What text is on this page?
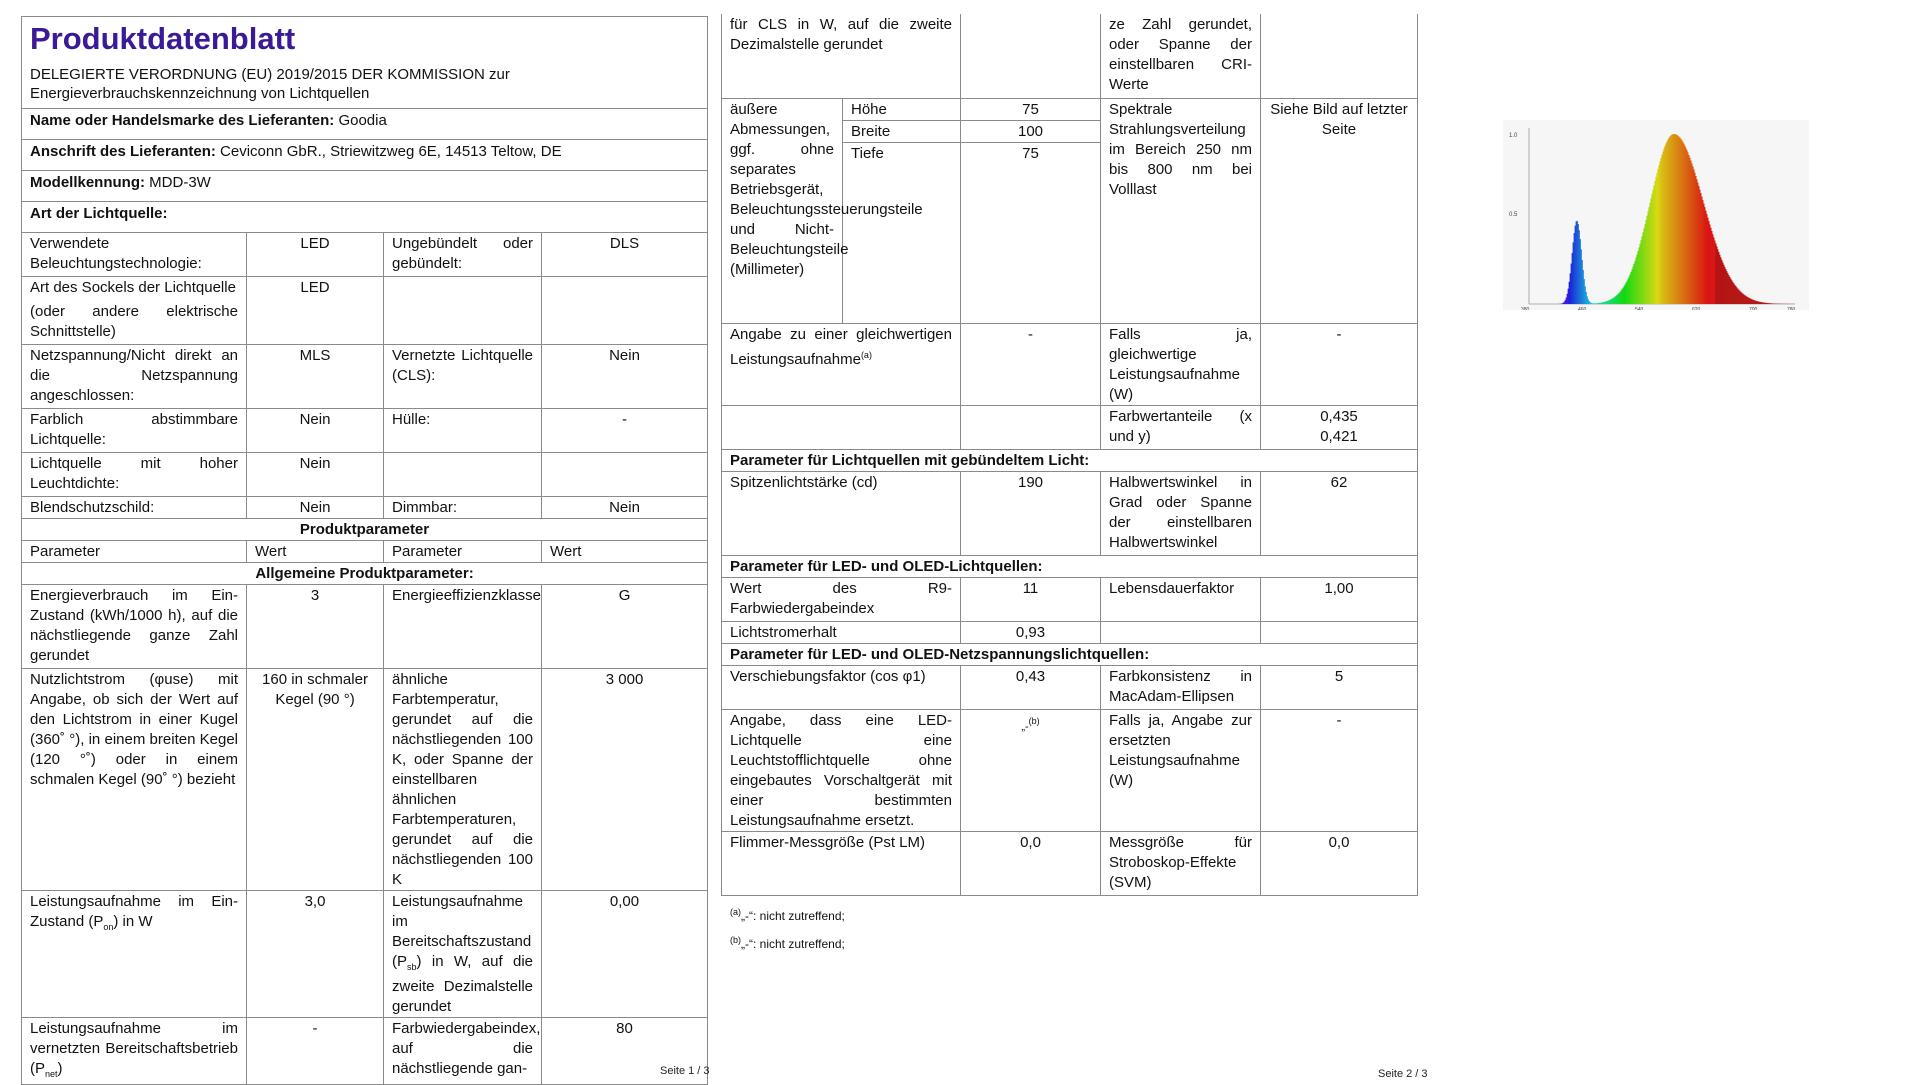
Produktdatenblatt
DELEGIERTE VERORDNUNG (EU) 2019/2015 DER KOMMISSION zur Energieverbrauchskennzeichnung von Lichtquellen			

Name oder Handelsmarke des Lieferanten: Goodia			
Anschrift des Lieferanten: Ceviconn GbR., Striewitzweg 6E, 14513 Teltow, DE			
Modellkennung: MDD-3W			
Art der Lichtquelle:			
Verwendete Beleuchtungstechnologie:	LED	Ungebündelt oder gebündelt:	DLS

Art des Sockels der Lichtquelle
(oder andere elektrische Schnittstelle)	LED		
Netzspannung/Nicht direkt an die Netzspannung angeschlossen:	MLS	Vernetzte Lichtquelle (CLS):	Nein
Farblich abstimmbare Lichtquelle:	Nein	Hülle:	-
Lichtquelle mit hoher Leuchtdichte:	Nein		
Blendschutzschild:	Nein	Dimmbar:	Nein
Produktparameter			
Parameter	Wert	Parameter	Wert
Allgemeine Produktparameter:			
Energieverbrauch im Ein-Zustand (kWh/1000 h), auf die nächstliegende ganze Zahl gerundet	3	Energieeffizienzklasse	G
Nutzlichtstrom (φuse) mit Angabe, ob sich der Wert auf den Lichtstrom in einer Kugel (360˚ °), in einem breiten Kegel (120 °˚) oder in einem schmalen Kegel (90˚ °) bezieht	160 in schmaler Kegel (90 °)	ähnliche Farbtemperatur, gerundet auf die nächstliegenden 100 K, oder Spanne der einstellbaren ähnlichen Farbtemperaturen, gerundet auf die nächstliegenden 100 K	3 000
Leistungsaufnahme im Ein-Zustand $(P_{on})$ in W	3,0	Leistungsaufnahme im Bereitschaftszustand $(P_{sb})$ in W, auf die zweite Dezimalstelle gerundet	0,00
Leistungsaufnahme im vernetzten Bereitschaftsbetrieb $(P_{net})$	-	Farbwiedergabeindex, auf die nächstliegende gan-	80
Seite 1 / 3
für CLS in W, auf die zweite Dezimalstelle gerundet			ze Zahl gerundet, oder Spanne der einstellbaren CRI-Werte	
äußere Abmessungen, ggf. ohne separates Betriebsgerät, Beleuchtungssteuerungsteile und Nicht-Beleuchtungsteile (Millimeter)	Höhe	75	Spektrale Strahlungsverteilung im Bereich 250 nm bis 800 nm bei Volllast	Siehe Bild auf letzter Seite
	Breite	100		
	Tiefe	75		
Angabe zu einer gleichwertigen Leistungsaufnahme$^{(a)}$		-	Falls ja, gleichwertige Leistungsaufnahme (W)	-
			Farbwertanteile (x und y)	0,435
0,421

Parameter für Lichtquellen mit gebündeltem Licht:				
Spitzenlichtstärke (cd)		190	Halbwertswinkel in Grad oder Spanne der einstellbaren Halbwertswinkel	62
Parameter für LED- und OLED-Lichtquellen:				
Wert des R9-Farbwiedergabeindex		11	Lebensdauerfaktor	1,00
Lichtstromerhalt		0,93		
Parameter für LED- und OLED-Netzspannungslichtquellen:				
Verschiebungsfaktor (cos φ1)		0,43	Farbkonsistenz in MacAdam-Ellipsen	5
Angabe, dass eine LED-Lichtquelle eine Leuchtstofflichtquelle ohne eingebautes Vorschaltgerät mit einer bestimmten Leistungsaufnahme ersetzt.		„-$^{(b)}$	Falls ja, Angabe zur ersetzten Leistungsaufnahme (W)	-
Flimmer-Messgröße (Pst LM)		0,0	Messgröße für Stroboskop-Effekte (SVM)	0,0
$^{(a)}$„-“: nicht zutreffend;
$^{(b)}$„-“: nicht zutreffend;
Seite 2 / 3
1.0
0.5
380	460	540	620	700	780
